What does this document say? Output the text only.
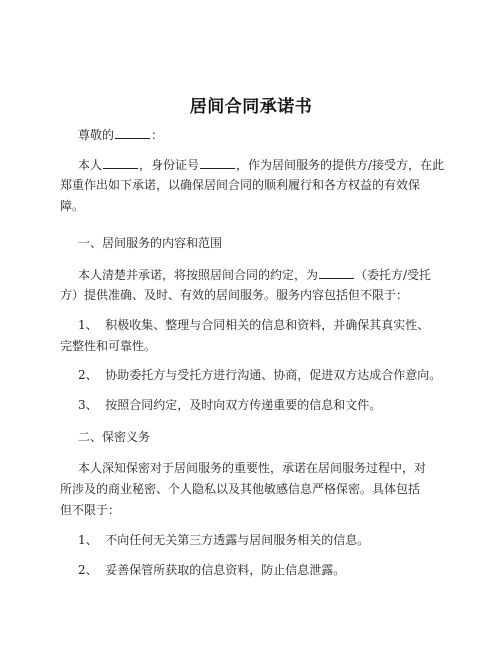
居间合同承诺书
尊敬的	：
本人	，身份证号	，作为居间服务的提供方/接受方，在此
郑重作出如下承诺，以确保居间合同的顺利履行和各方权益的有效保
障。
一、居间服务的内容和范围
本人清楚并承诺，将按照居间合同的约定，为	（委托方/受托
方）提供准确、及时、有效的居间服务。服务内容包括但不限于：
1、 积极收集、整理与合同相关的信息和资料，并确保其真实性、
完整性和可靠性。
2、 协助委托方与受托方进行沟通、协商，促进双方达成合作意向。
3、 按照合同约定，及时向双方传递重要的信息和文件。
二、保密义务
本人深知保密对于居间服务的重要性，承诺在居间服务过程中，对
所涉及的商业秘密、个人隐私以及其他敏感信息严格保密。具体包括
但不限于：
1、 不向任何无关第三方透露与居间服务相关的信息。
2、 妥善保管所获取的信息资料，防止信息泄露。
